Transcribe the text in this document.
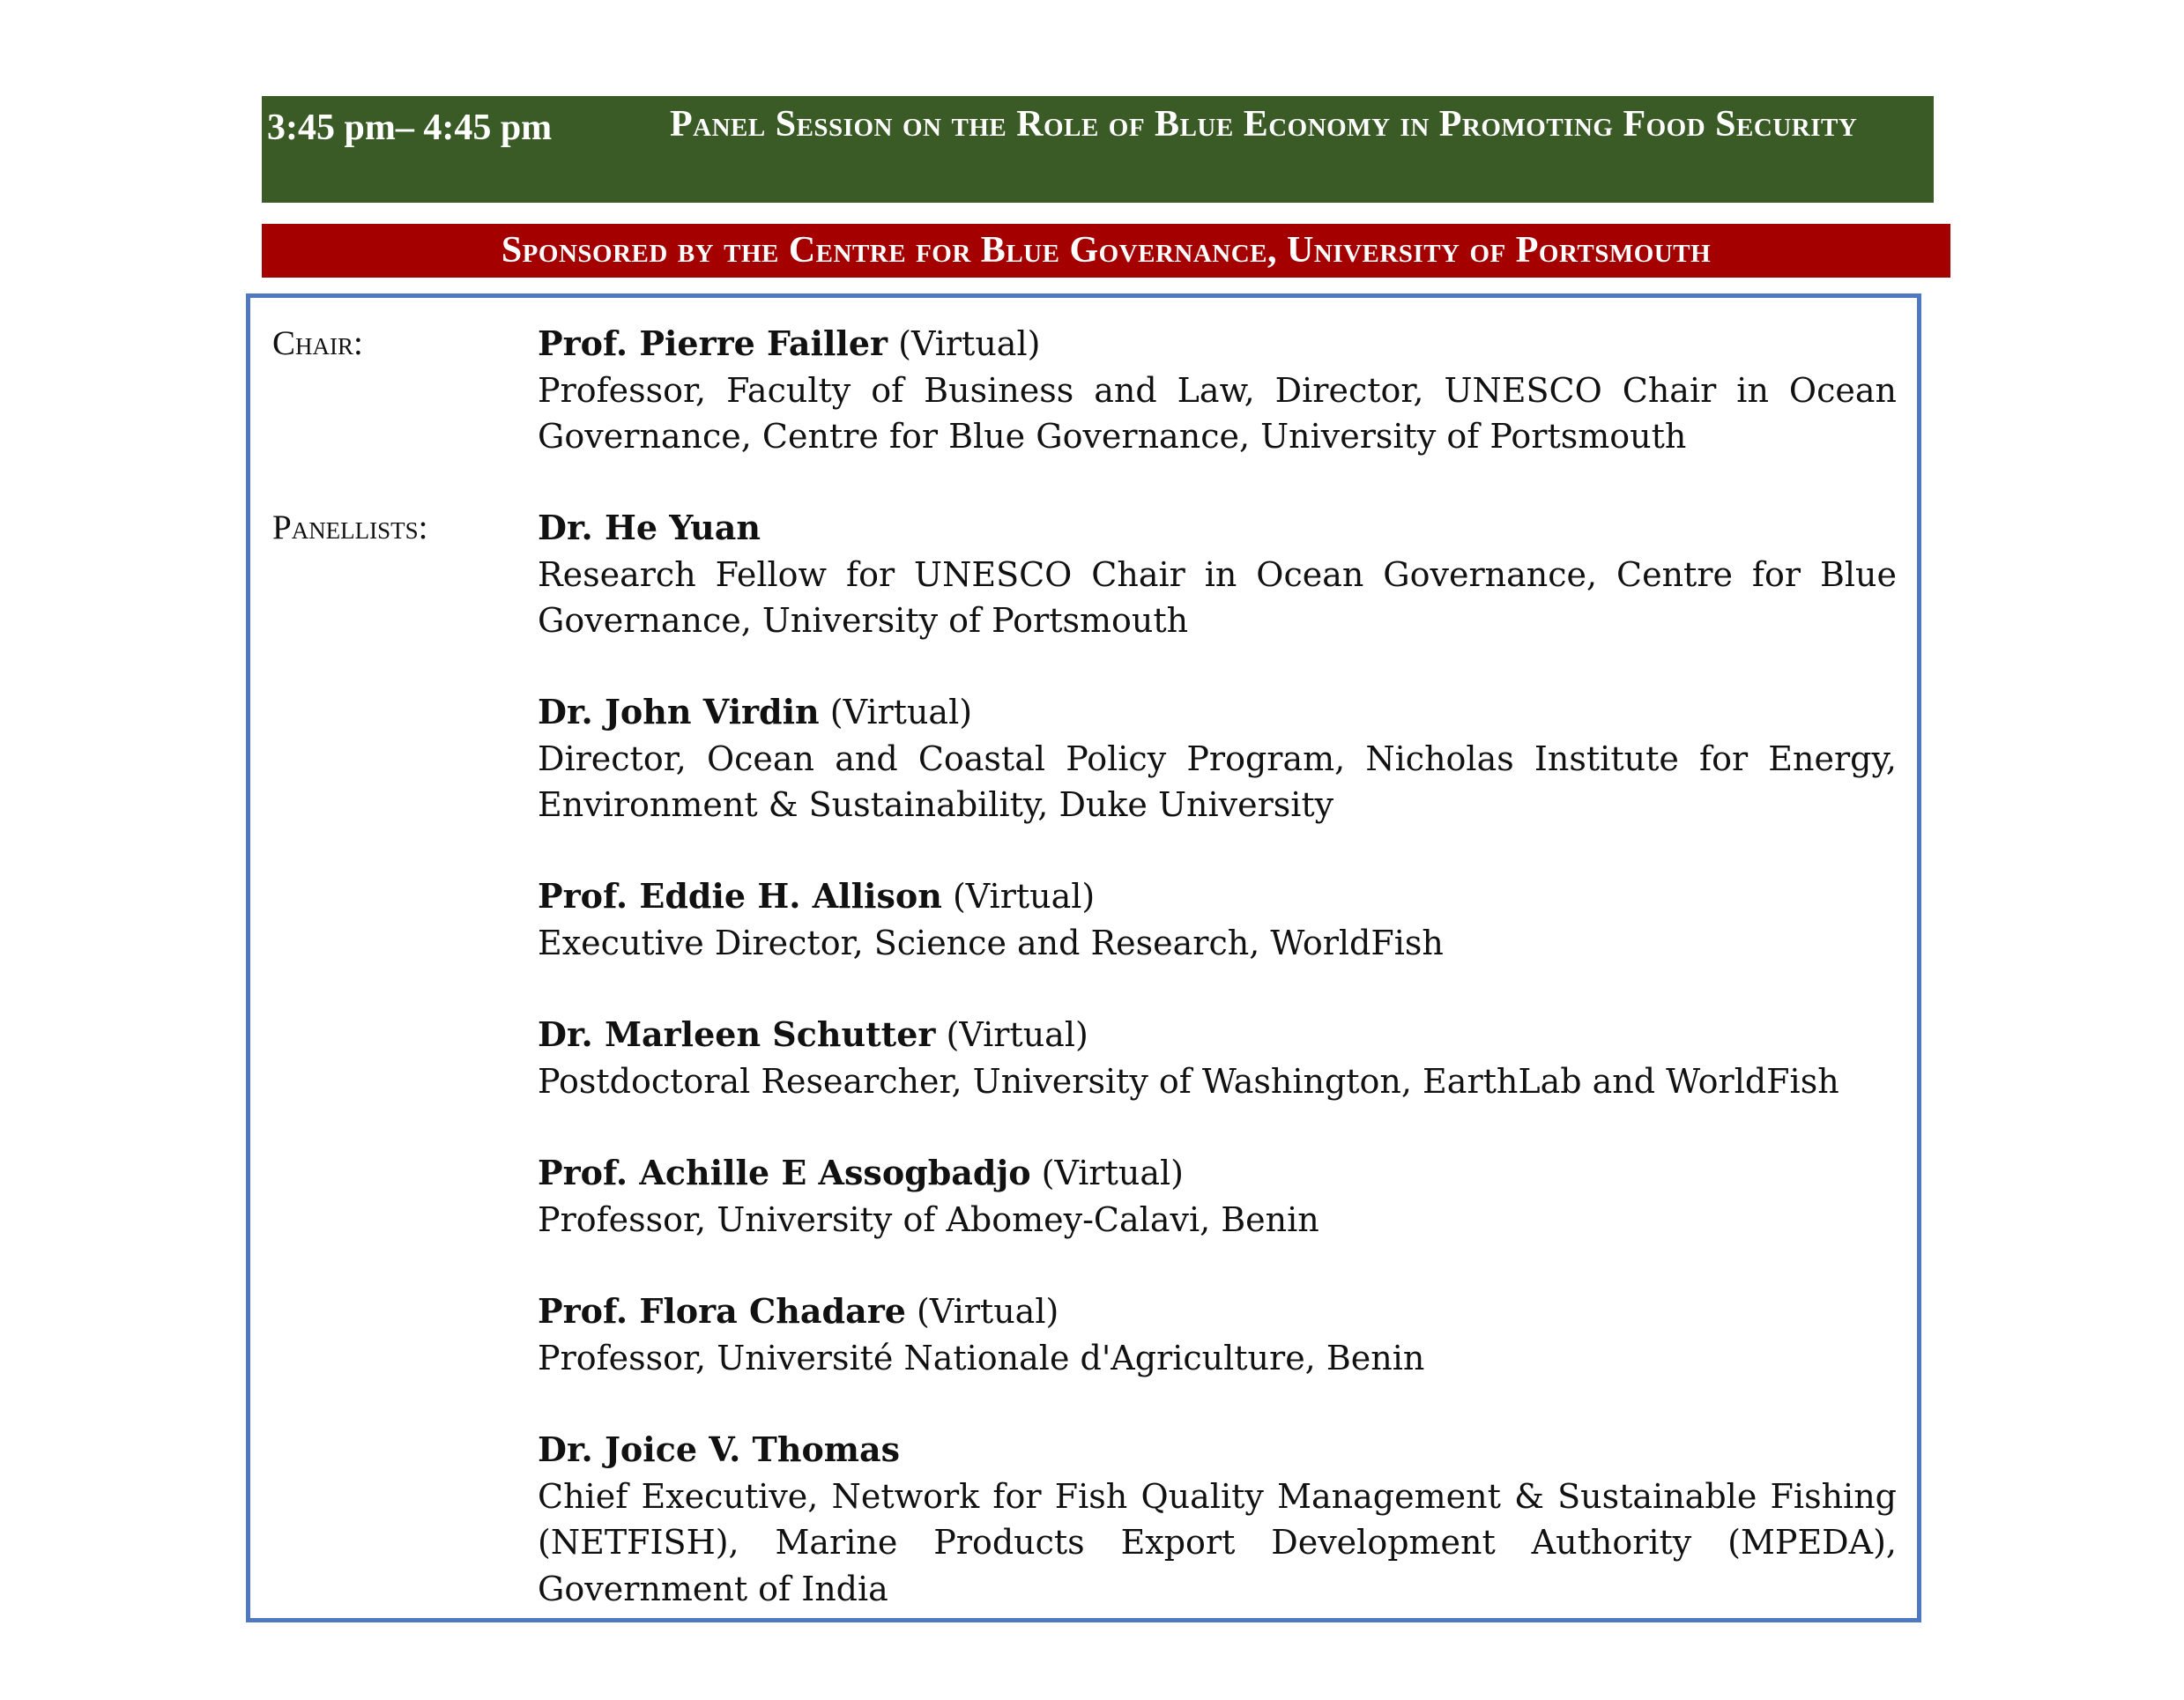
3:45 pm– 4:45 pm	Panel Session on the Role of Blue Economy in Promoting Food Security
Sponsored by the Centre for Blue Governance, University of Portsmouth
Chair:	Prof. Pierre Failler (Virtual)
Professor, Faculty of Business and Law, Director, UNESCO Chair in Ocean Governance, Centre for Blue Governance, University of Portsmouth
Panellists:	Dr. He Yuan
Research Fellow for UNESCO Chair in Ocean Governance, Centre for Blue Governance, University of Portsmouth
Dr. John Virdin (Virtual)
Director, Ocean and Coastal Policy Program, Nicholas Institute for Energy, Environment & Sustainability, Duke University
Prof. Eddie H. Allison (Virtual)
Executive Director, Science and Research, WorldFish
Dr. Marleen Schutter (Virtual)
Postdoctoral Researcher, University of Washington, EarthLab and WorldFish
Prof. Achille E Assogbadjo (Virtual)
Professor, University of Abomey-Calavi, Benin
Prof. Flora Chadare (Virtual)
Professor, Université Nationale d'Agriculture, Benin
Dr. Joice V. Thomas
Chief Executive, Network for Fish Quality Management & Sustainable Fishing (NETFISH), Marine Products Export Development Authority (MPEDA), Government of India
